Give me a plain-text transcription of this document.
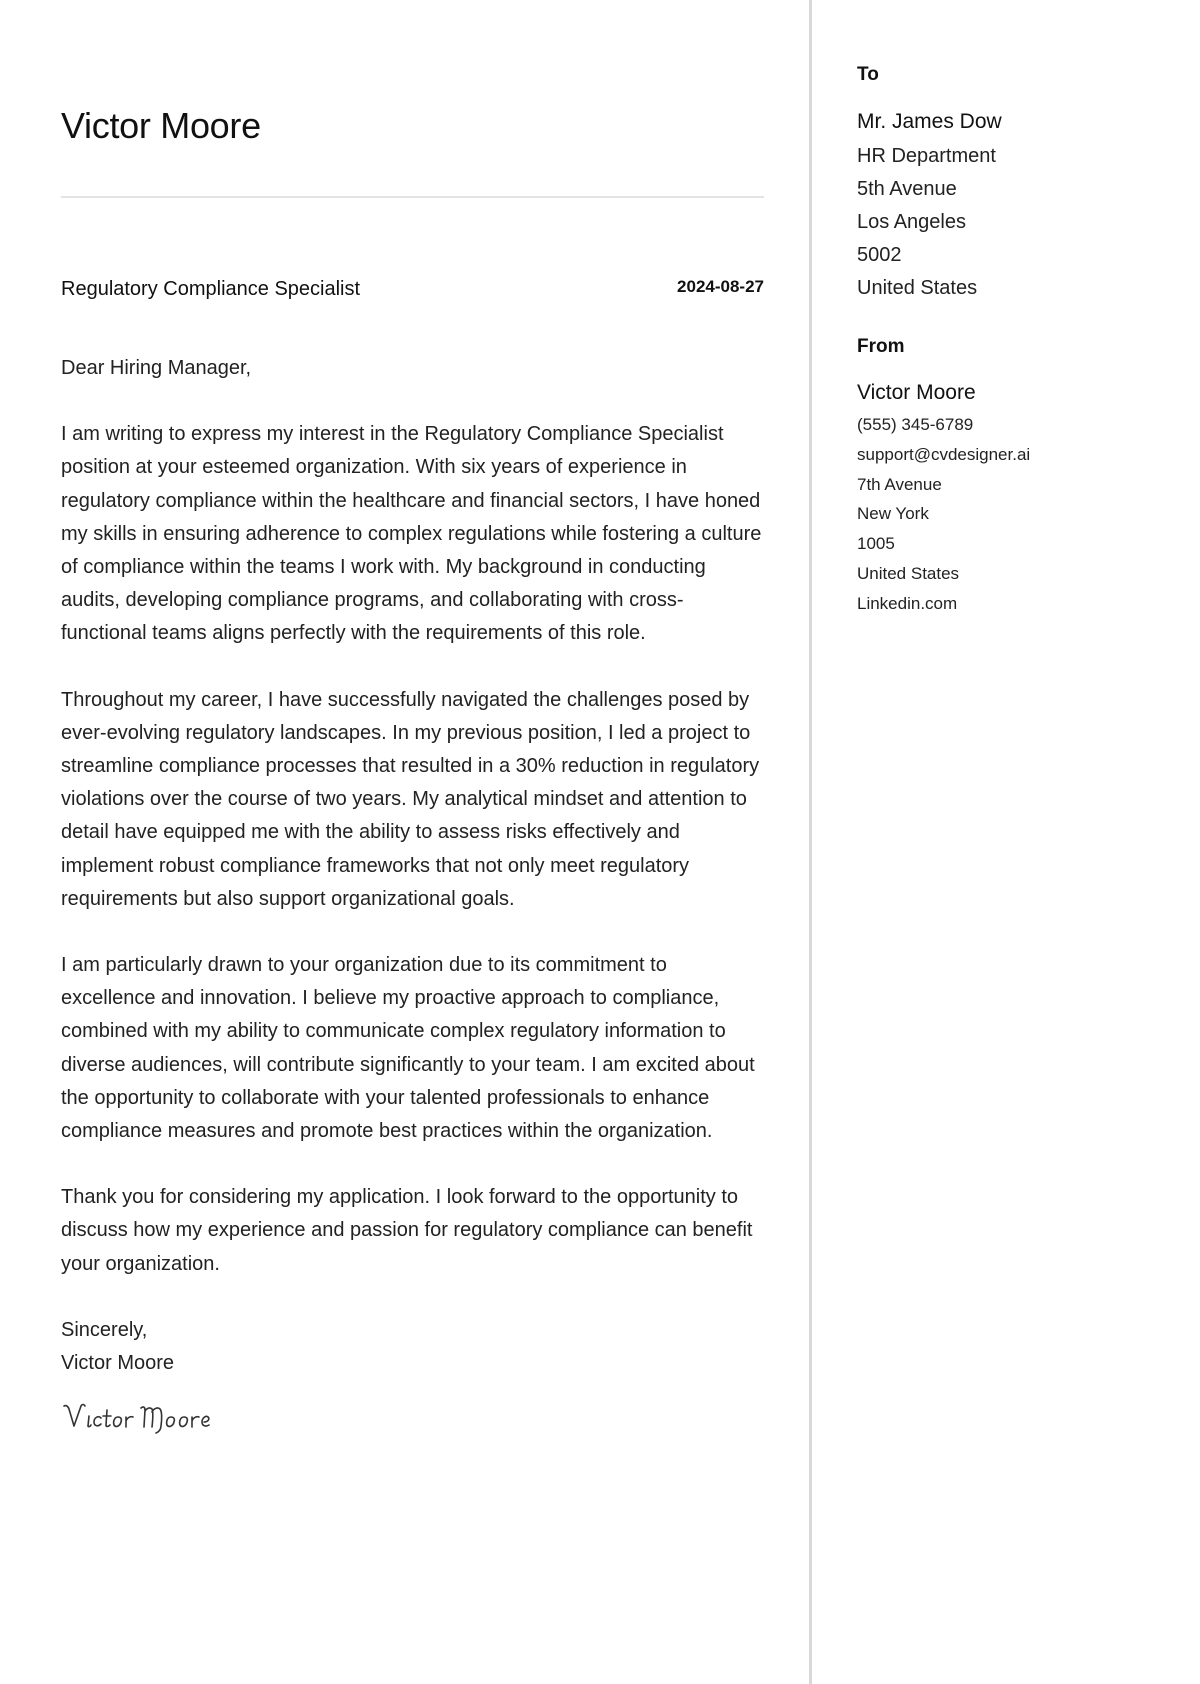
Victor Moore
Regulatory Compliance Specialist	2024-08-27

Dear Hiring Manager,

I am writing to express my interest in the Regulatory Compliance Specialist position at your esteemed organization. With six years of experience in regulatory compliance within the healthcare and financial sectors, I have honed my skills in ensuring adherence to complex regulations while fostering a culture of compliance within the teams I work with. My background in conducting audits, developing compliance programs, and collaborating with cross-functional teams aligns perfectly with the requirements of this role.

Throughout my career, I have successfully navigated the challenges posed by ever-evolving regulatory landscapes. In my previous position, I led a project to streamline compliance processes that resulted in a 30% reduction in regulatory violations over the course of two years. My analytical mindset and attention to detail have equipped me with the ability to assess risks effectively and implement robust compliance frameworks that not only meet regulatory requirements but also support organizational goals.

I am particularly drawn to your organization due to its commitment to excellence and innovation. I believe my proactive approach to compliance, combined with my ability to communicate complex regulatory information to diverse audiences, will contribute significantly to your team. I am excited about the opportunity to collaborate with your talented professionals to enhance compliance measures and promote best practices within the organization.

Thank you for considering my application. I look forward to the opportunity to discuss how my experience and passion for regulatory compliance can benefit your organization.

Sincerely,
Victor Moore
To
Mr. James Dow
HR Department
5th Avenue
Los Angeles
5002
United States
From
Victor Moore
(555) 345-6789
support@cvdesigner.ai
7th Avenue
New York
1005
United States
Linkedin.com
